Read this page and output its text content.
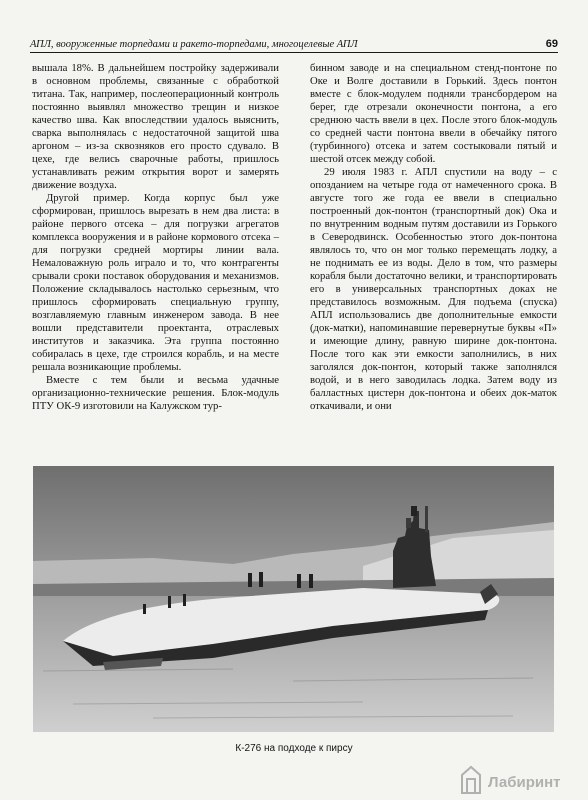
АПЛ, вооруженные торпедами и ракето-торпедами, многоцелевые АПЛ	69

вышала 18%. В дальнейшем постройку задерживали в основном проблемы, связанные с обработкой титана. Так, например, послеоперационный контроль постоянно выявлял множество трещин и низкое качество шва. Как впоследствии удалось выяснить, сварка выполнялась с недостаточной защитой шва аргоном – из-за сквозняков его просто сдувало. В цехе, где велись сварочные работы, пришлось устанавливать режим открытия ворот и замерять движение воздуха.

Другой пример. Когда корпус был уже сформирован, пришлось вырезать в нем два листа: в районе первого отсека – для погрузки агрегатов комплекса вооружения и в районе кормового отсека – для погрузки средней мортиры линии вала. Немаловажную роль играло и то, что контрагенты срывали сроки поставок оборудования и механизмов. Положение складывалось настолько серьезным, что пришлось сформировать специальную группу, возглавляемую главным инженером завода. В нее вошли представители проектанта, отраслевых институтов и заказчика. Эта группа постоянно собиралась в цехе, где строился корабль, и на месте решала возникающие проблемы.

Вместе с тем были и весьма удачные организационно-технические решения. Блок-модуль ПТУ ОК-9 изготовили на Калужском тур-

бинном заводе и на специальном стенд-понтоне по Оке и Волге доставили в Горький. Здесь понтон вместе с блок-модулем подняли трансбордером на берег, где отрезали оконечности понтона, а его среднюю часть ввели в цех. После этого блок-модуль со средней части понтона ввели в обечайку пятого (турбинного) отсека и затем состыковали пятый и шестой отсек между собой.

29 июля 1983 г. АПЛ спустили на воду – с опозданием на четыре года от намеченного срока. В августе того же года ее ввели в специально построенный док-понтон (транспортный док) Ока и по внутренним водным путям доставили из Горького в Северодвинск. Особенностью этого док-понтона являлось то, что он мог только перемещать лодку, а не поднимать ее из воды. Дело в том, что размеры корабля были достаточно велики, и транспортировать его в универсальных транспортных доках не представилось возможным. Для подъема (спуска) АПЛ использовались две дополнительные емкости (док-матки), напоминавшие перевернутые буквы «П» и имеющие длину, равную ширине док-понтона. После того как эти емкости заполнились, в них заголялся док-понтон, который также заполнялся водой, и в него заводилась лодка. Затем воду из балластных цистерн док-понтона и обеих док-маток откачивали, и они

К-276 на подходе к пирсу
Лабиринт
